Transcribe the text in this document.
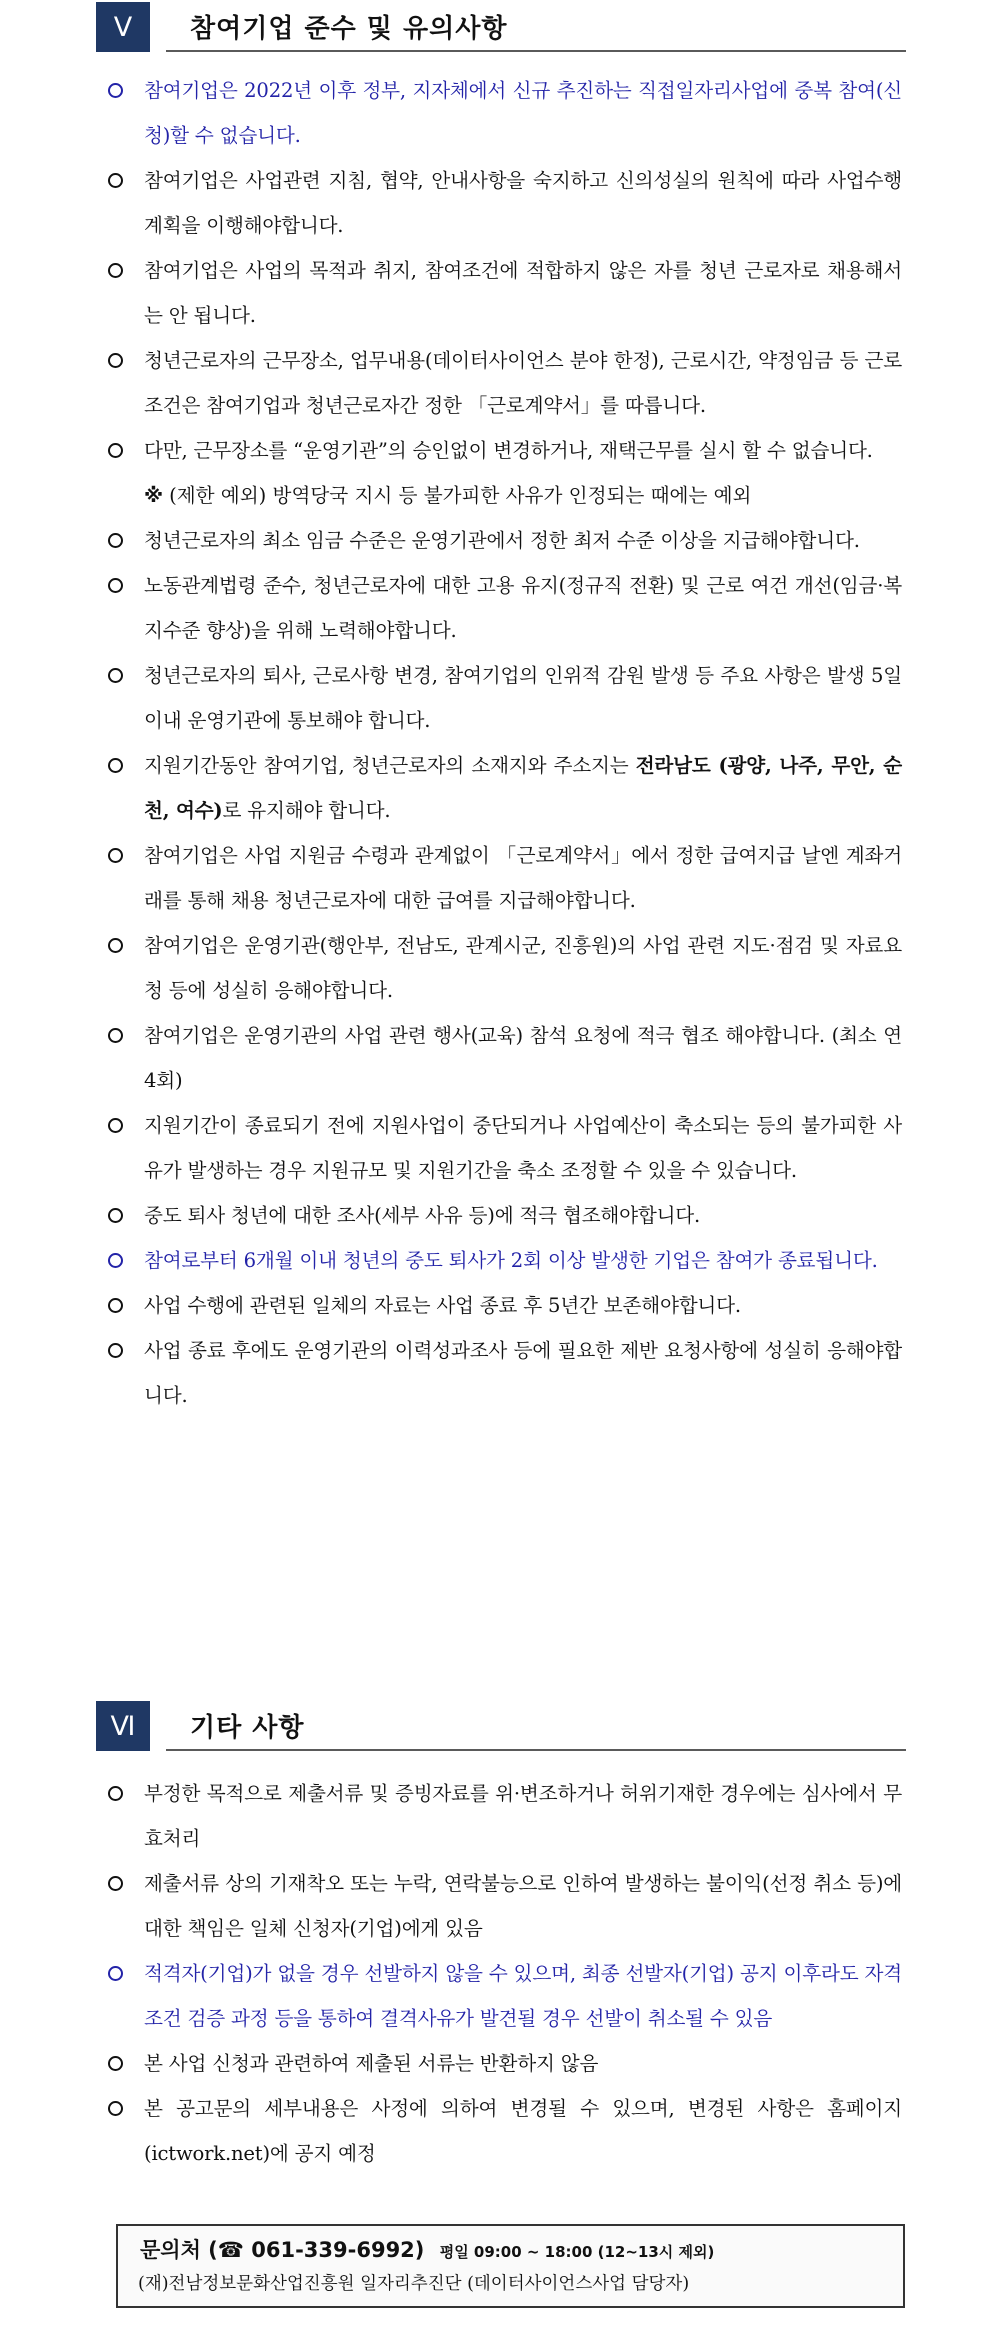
Ⅴ	참여기업 준수 및 유의사항
참여기업은 2022년 이후 정부, 지자체에서 신규 추진하는 직접일자리사업에 중복 참여(신청)할 수 없습니다.
참여기업은 사업관련 지침, 협약, 안내사항을 숙지하고 신의성실의 원칙에 따라 사업수행계획을 이행해야합니다.
참여기업은 사업의 목적과 취지, 참여조건에 적합하지 않은 자를 청년 근로자로 채용해서는 안 됩니다.
청년근로자의 근무장소, 업무내용(데이터사이언스 분야 한정), 근로시간, 약정임금 등 근로조건은 참여기업과 청년근로자간 정한 「근로계약서」를 따릅니다.
다만, 근무장소를 “운영기관”의 승인없이 변경하거나, 재택근무를 실시 할 수 없습니다.
※ (제한 예외) 방역당국 지시 등 불가피한 사유가 인정되는 때에는 예외
청년근로자의 최소 임금 수준은 운영기관에서 정한 최저 수준 이상을 지급해야합니다.
노동관계법령 준수, 청년근로자에 대한 고용 유지(정규직 전환) 및 근로 여건 개선(임금·복지수준 향상)을 위해 노력해야합니다.
청년근로자의 퇴사, 근로사항 변경, 참여기업의 인위적 감원 발생 등 주요 사항은 발생 5일이내 운영기관에 통보해야 합니다.
지원기간동안 참여기업, 청년근로자의 소재지와 주소지는 전라남도 (광양, 나주, 무안, 순천, 여수)로 유지해야 합니다.
참여기업은 사업 지원금 수령과 관계없이 「근로계약서」에서 정한 급여지급 날엔 계좌거래를 통해 채용 청년근로자에 대한 급여를 지급해야합니다.
참여기업은 운영기관(행안부, 전남도, 관계시군, 진흥원)의 사업 관련 지도·점검 및 자료요청 등에 성실히 응해야합니다.
참여기업은 운영기관의 사업 관련 행사(교육) 참석 요청에 적극 협조 해야합니다. (최소 연 4회)
지원기간이 종료되기 전에 지원사업이 중단되거나 사업예산이 축소되는 등의 불가피한 사유가 발생하는 경우 지원규모 및 지원기간을 축소 조정할 수 있을 수 있습니다.
중도 퇴사 청년에 대한 조사(세부 사유 등)에 적극 협조해야합니다.
참여로부터 6개월 이내 청년의 중도 퇴사가 2회 이상 발생한 기업은 참여가 종료됩니다.
사업 수행에 관련된 일체의 자료는 사업 종료 후 5년간 보존해야합니다.
사업 종료 후에도 운영기관의 이력성과조사 등에 필요한 제반 요청사항에 성실히 응해야합니다.
Ⅵ	기타 사항
부정한 목적으로 제출서류 및 증빙자료를 위·변조하거나 허위기재한 경우에는 심사에서 무효처리
제출서류 상의 기재착오 또는 누락, 연락불능으로 인하여 발생하는 불이익(선정 취소 등)에 대한 책임은 일체 신청자(기업)에게 있음
적격자(기업)가 없을 경우 선발하지 않을 수 있으며, 최종 선발자(기업) 공지 이후라도 자격조건 검증 과정 등을 통하여 결격사유가 발견될 경우 선발이 취소될 수 있음
본 사업 신청과 관련하여 제출된 서류는 반환하지 않음
본 공고문의 세부내용은 사정에 의하여 변경될 수 있으며, 변경된 사항은 홈페이지(ictwork.net)에 공지 예정
문의처 (☎ 061-339-6992) 평일 09:00 ~ 18:00 (12~13시 제외)
(재)전남정보문화산업진흥원 일자리추진단 (데이터사이언스사업 담당자)
